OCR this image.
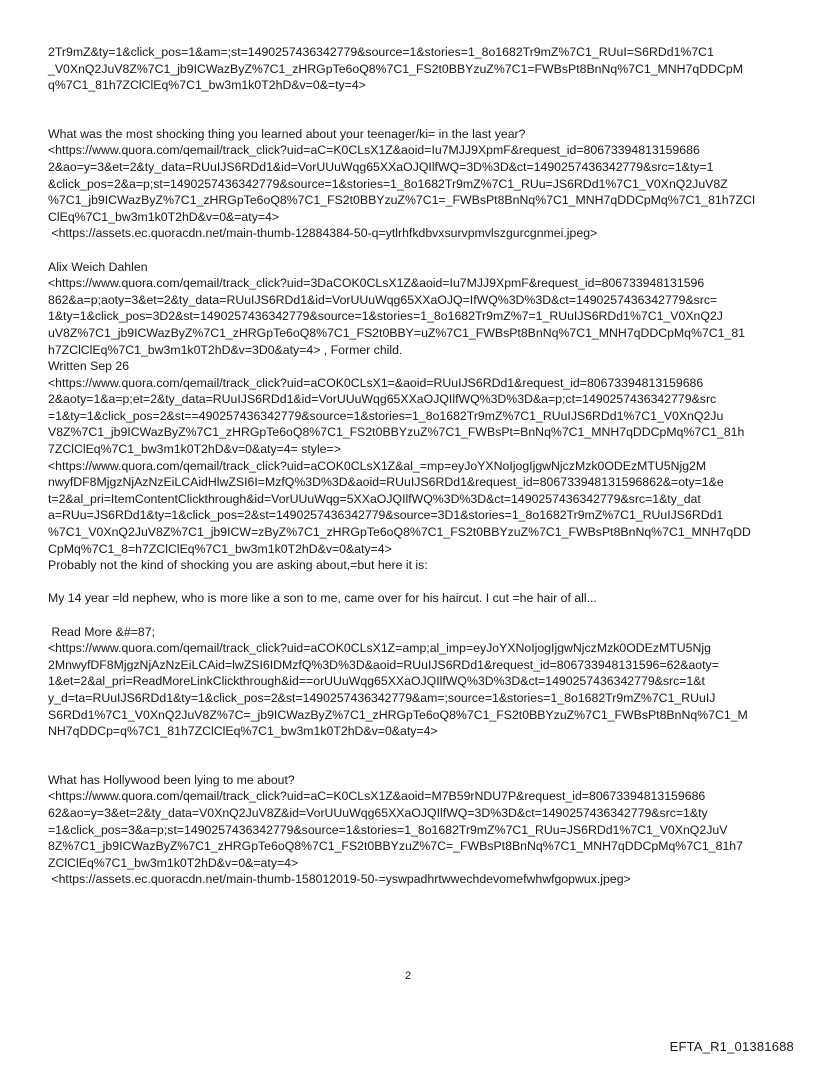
2Tr9mZ&ty=1&click_pos=1&am=;st=1490257436342779&source=1&stories=1_8o1682Tr9mZ%7C1_RUuI=S6RDd1%7C1
_V0XnQ2JuV8Z%7C1_jb9ICWazByZ%7C1_zHRGpTe6oQ8%7C1_FS2t0BBYzuZ%7C1=FWBsPt8BnNq%7C1_MNH7qDDCpM
q%7C1_81h7ZClClEq%7C1_bw3m1k0T2hD&v=0&=ty=4>
What was the most shocking thing you learned about your teenager/ki= in the last year?
<https://www.quora.com/qemail/track_click?uid=aC=K0CLsX1Z&aoid=Iu7MJJ9XpmF&request_id=80673394813159686
2&ao=y=3&et=2&ty_data=RUuIJS6RDd1&id=VorUUuWqg65XXaOJQIlfWQ=3D%3D&ct=1490257436342779&src=1&ty=1
&click_pos=2&a=p;st=1490257436342779&source=1&stories=1_8o1682Tr9mZ%7C1_RUu=JS6RDd1%7C1_V0XnQ2JuV8Z
%7C1_jb9ICWazByZ%7C1_zHRGpTe6oQ8%7C1_FS2t0BBYzuZ%7C1=_FWBsPt8BnNq%7C1_MNH7qDDCpMq%7C1_81h7ZCI
ClEq%7C1_bw3m1k0T2hD&v=0&=aty=4>
<https://assets.ec.quoracdn.net/main-thumb-12884384-50-q=ytlrhfkdbvxsurvpmvlszgurcgnmei.jpeg>
Alix Weich Dahlen
<https://www.quora.com/qemail/track_click?uid=3DaCOK0CLsX1Z&aoid=Iu7MJJ9XpmF&request_id=806733948131596
862&a=p;aoty=3&et=2&ty_data=RUuIJS6RDd1&id=VorUUuWqg65XXaOJQ=IfWQ%3D%3D&ct=1490257436342779&src=
1&ty=1&click_pos=3D2&st=1490257436342779&source=1&stories=1_8o1682Tr9mZ%7=1_RUuIJS6RDd1%7C1_V0XnQ2J
uV8Z%7C1_jb9ICWazByZ%7C1_zHRGpTe6oQ8%7C1_FS2t0BBY=uZ%7C1_FWBsPt8BnNq%7C1_MNH7qDDCpMq%7C1_81
h7ZClClEq%7C1_bw3m1k0T2hD&v=3D0&aty=4> , Former child.
Written Sep 26
<https://www.quora.com/qemail/track_click?uid=aCOK0CLsX1=&aoid=RUuIJS6RDd1&request_id=80673394813159686
2&aoty=1&a=p;et=2&ty_data=RUuIJS6RDd1&id=VorUUuWqg65XXaOJQIlfWQ%3D%3D&a=p;ct=1490257436342779&src
=1&ty=1&click_pos=2&st==490257436342779&source=1&stories=1_8o1682Tr9mZ%7C1_RUuIJS6RDd1%7C1_V0XnQ2Ju
V8Z%7C1_jb9ICWazByZ%7C1_zHRGpTe6oQ8%7C1_FS2t0BBYzuZ%7C1_FWBsPt=BnNq%7C1_MNH7qDDCpMq%7C1_81h
7ZClClEq%7C1_bw3m1k0T2hD&v=0&aty=4= style=>
<https://www.quora.com/qemail/track_click?uid=aCOK0CLsX1Z&al_=mp=eyJoYXNoIjogIjgwNjczMzk0ODEzMTU5Njg2M
nwyfDF8MjgzNjAzNzEiLCAidHlwZSI6I=MzfQ%3D%3D&aoid=RUuIJS6RDd1&request_id=806733948131596862&=oty=1&e
t=2&al_pri=ItemContentClickthrough&id=VorUUuWqg=5XXaOJQIlfWQ%3D%3D&ct=1490257436342779&src=1&ty_dat
a=RUu=JS6RDd1&ty=1&click_pos=2&st=1490257436342779&source=3D1&stories=1_8o1682Tr9mZ%7C1_RUuIJS6RDd1
%7C1_V0XnQ2JuV8Z%7C1_jb9ICW=zByZ%7C1_zHRGpTe6oQ8%7C1_FS2t0BBYzuZ%7C1_FWBsPt8BnNq%7C1_MNH7qDD
CpMq%7C1_8=h7ZClClEq%7C1_bw3m1k0T2hD&v=0&aty=4>
Probably not the kind of shocking you are asking about,=but here it is:
My 14 year =ld nephew, who is more like a son to me, came over for his haircut. I cut =he hair of all...
Read More &#=87;
<https://www.quora.com/qemail/track_click?uid=aCOK0CLsX1Z=amp;al_imp=eyJoYXNoIjogIjgwNjczMzk0ODEzMTU5Njg
2MnwyfDF8MjgzNjAzNzEiLCAid=lwZSI6IDMzfQ%3D%3D&aoid=RUuIJS6RDd1&request_id=806733948131596=62&aoty=
1&et=2&al_pri=ReadMoreLinkClickthrough&id==orUUuWqg65XXaOJQIlfWQ%3D%3D&ct=1490257436342779&src=1&t
y_d=ta=RUuIJS6RDd1&ty=1&click_pos=2&st=1490257436342779&am=;source=1&stories=1_8o1682Tr9mZ%7C1_RUuIJ
S6RDd1%7C1_V0XnQ2JuV8Z%7C=_jb9ICWazByZ%7C1_zHRGpTe6oQ8%7C1_FS2t0BBYzuZ%7C1_FWBsPt8BnNq%7C1_M
NH7qDDCp=q%7C1_81h7ZClClEq%7C1_bw3m1k0T2hD&v=0&aty=4>
What has Hollywood been lying to me about?
<https://www.quora.com/qemail/track_click?uid=aC=K0CLsX1Z&aoid=M7B59rNDU7P&request_id=80673394813159686
62&ao=y=3&et=2&ty_data=V0XnQ2JuV8Z&id=VorUUuWqg65XXaOJQIlfWQ=3D%3D&ct=1490257436342779&src=1&ty
=1&click_pos=3&a=p;st=1490257436342779&source=1&stories=1_8o1682Tr9mZ%7C1_RUu=JS6RDd1%7C1_V0XnQ2JuV
8Z%7C1_jb9ICWazByZ%7C1_zHRGpTe6oQ8%7C1_FS2t0BBYzuZ%7C=_FWBsPt8BnNq%7C1_MNH7qDDCpMq%7C1_81h7
ZClClEq%7C1_bw3m1k0T2hD&v=0&=aty=4>
<https://assets.ec.quoracdn.net/main-thumb-158012019-50-=yswpadhrtwwechdevomefwhwfgopwux.jpeg>
2
EFTA_R1_01381688
